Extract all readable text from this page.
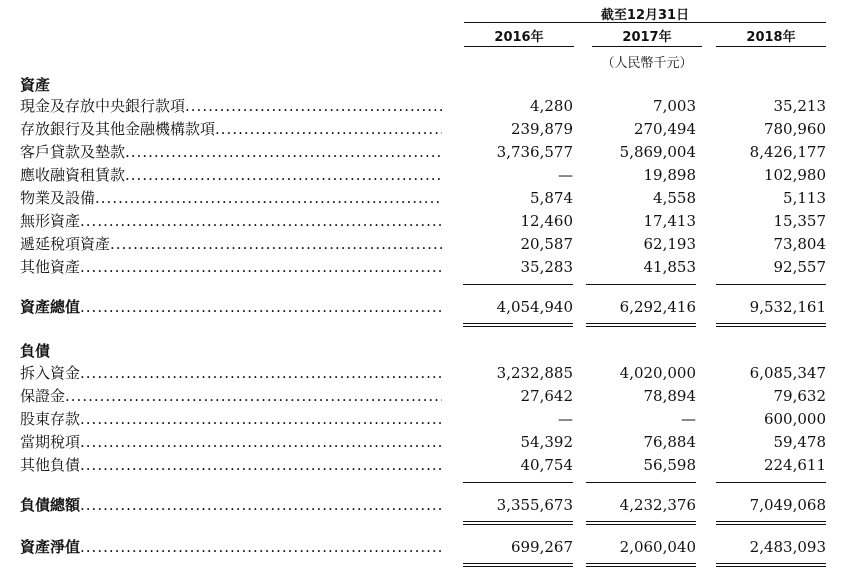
截至12月31日
2016年	2017年	2018年
（人民幣千元）
資產
現金及存放中央銀行款項 .....	4,280	7,003	35,213
存放銀行及其他金融機構款項 .....	239,879	270,494	780,960
客戶貸款及墊款 .....	3,736,577	5,869,004	8,426,177
應收融資租賃款 .....	—	19,898	102,980
物業及設備 .....	5,874	4,558	5,113
無形資產 .....	12,460	17,413	15,357
遞延稅項資產 .....	20,587	62,193	73,804
其他資產 .....	35,283	41,853	92,557
資產總值 .....	4,054,940	6,292,416	9,532,161
負債
拆入資金 .....	3,232,885	4,020,000	6,085,347
保證金 .....	27,642	78,894	79,632
股東存款 .....	—	—	600,000
當期稅項 .....	54,392	76,884	59,478
其他負債 .....	40,754	56,598	224,611
負債總額 .....	3,355,673	4,232,376	7,049,068
資產淨值 .....	699,267	2,060,040	2,483,093
